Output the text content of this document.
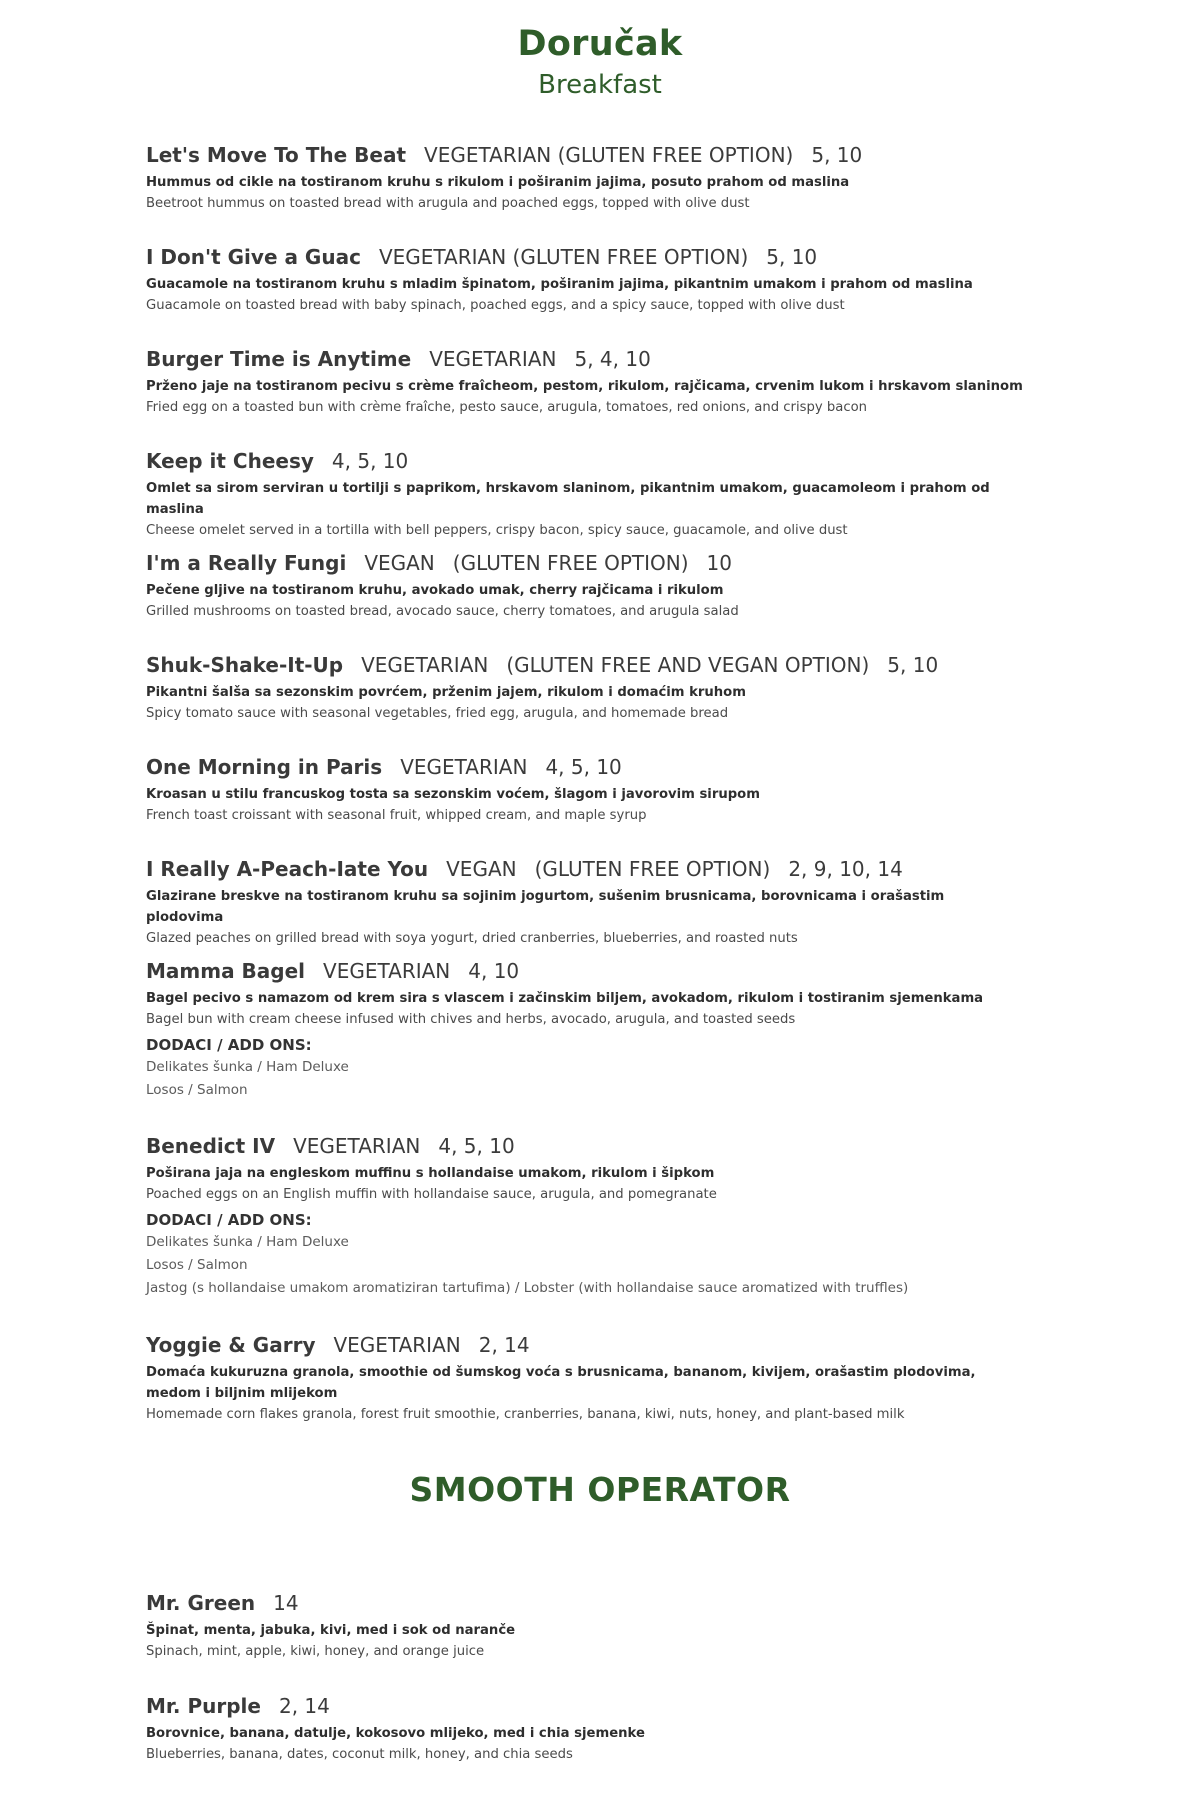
Doručak
Breakfast
Let's Move To The Beat VEGETARIAN (GLUTEN FREE OPTION) 5, 10
Hummus od cikle na tostiranom kruhu s rikulom i poširanim jajima, posuto prahom od maslina
Beetroot hummus on toasted bread with arugula and poached eggs, topped with olive dust
I Don't Give a Guac VEGETARIAN (GLUTEN FREE OPTION) 5, 10
Guacamole na tostiranom kruhu s mladim špinatom, poširanim jajima, pikantnim umakom i prahom od maslina
Guacamole on toasted bread with baby spinach, poached eggs, and a spicy sauce, topped with olive dust
Burger Time is Anytime VEGETARIAN 5, 4, 10
Prženo jaje na tostiranom pecivu s crème fraîcheom, pestom, rikulom, rajčicama, crvenim lukom i hrskavom slaninom
Fried egg on a toasted bun with crème fraîche, pesto sauce, arugula, tomatoes, red onions, and crispy bacon
Keep it Cheesy 4, 5, 10
Omlet sa sirom serviran u tortilji s paprikom, hrskavom slaninom, pikantnim umakom, guacamoleom i prahom od maslina
Cheese omelet served in a tortilla with bell peppers, crispy bacon, spicy sauce, guacamole, and olive dust
I'm a Really Fungi VEGAN (GLUTEN FREE OPTION) 10
Pečene gljive na tostiranom kruhu, avokado umak, cherry rajčicama i rikulom
Grilled mushrooms on toasted bread, avocado sauce, cherry tomatoes, and arugula salad
Shuk-Shake-It-Up VEGETARIAN (GLUTEN FREE AND VEGAN OPTION) 5, 10
Pikantni šalša sa sezonskim povrćem, prženim jajem, rikulom i domaćim kruhom
Spicy tomato sauce with seasonal vegetables, fried egg, arugula, and homemade bread
One Morning in Paris VEGETARIAN 4, 5, 10
Kroasan u stilu francuskog tosta sa sezonskim voćem, šlagom i javorovim sirupom
French toast croissant with seasonal fruit, whipped cream, and maple syrup
I Really A-Peach-Iate You VEGAN (GLUTEN FREE OPTION) 2, 9, 10, 14
Glazirane breskve na tostiranom kruhu sa sojinim jogurtom, sušenim brusnicama, borovnicama i orašastim plodovima
Glazed peaches on grilled bread with soya yogurt, dried cranberries, blueberries, and roasted nuts
Mamma Bagel VEGETARIAN 4, 10
Bagel pecivo s namazom od krem sira s vlascem i začinskim biljem, avokadom, rikulom i tostiranim sjemenkama
Bagel bun with cream cheese infused with chives and herbs, avocado, arugula, and toasted seeds
DODACI / ADD ONS:
Delikates šunka / Ham Deluxe
Losos / Salmon
Benedict IV VEGETARIAN 4, 5, 10
Poširana jaja na engleskom muffinu s hollandaise umakom, rikulom i šipkom
Poached eggs on an English muffin with hollandaise sauce, arugula, and pomegranate
DODACI / ADD ONS:
Delikates šunka / Ham Deluxe
Losos / Salmon
Jastog (s hollandaise umakom aromatiziran tartufima) / Lobster (with hollandaise sauce aromatized with truffles)
Yoggie & Garry VEGETARIAN 2, 14
Domaća kukuruzna granola, smoothie od šumskog voća s brusnicama, bananom, kivijem, orašastim plodovima, medom i biljnim mlijekom
Homemade corn flakes granola, forest fruit smoothie, cranberries, banana, kiwi, nuts, honey, and plant-based milk
SMOOTH OPERATOR
Mr. Green 14
Špinat, menta, jabuka, kivi, med i sok od naranče
Spinach, mint, apple, kiwi, honey, and orange juice
Mr. Purple 2, 14
Borovnice, banana, datulje, kokosovo mlijeko, med i chia sjemenke
Blueberries, banana, dates, coconut milk, honey, and chia seeds
